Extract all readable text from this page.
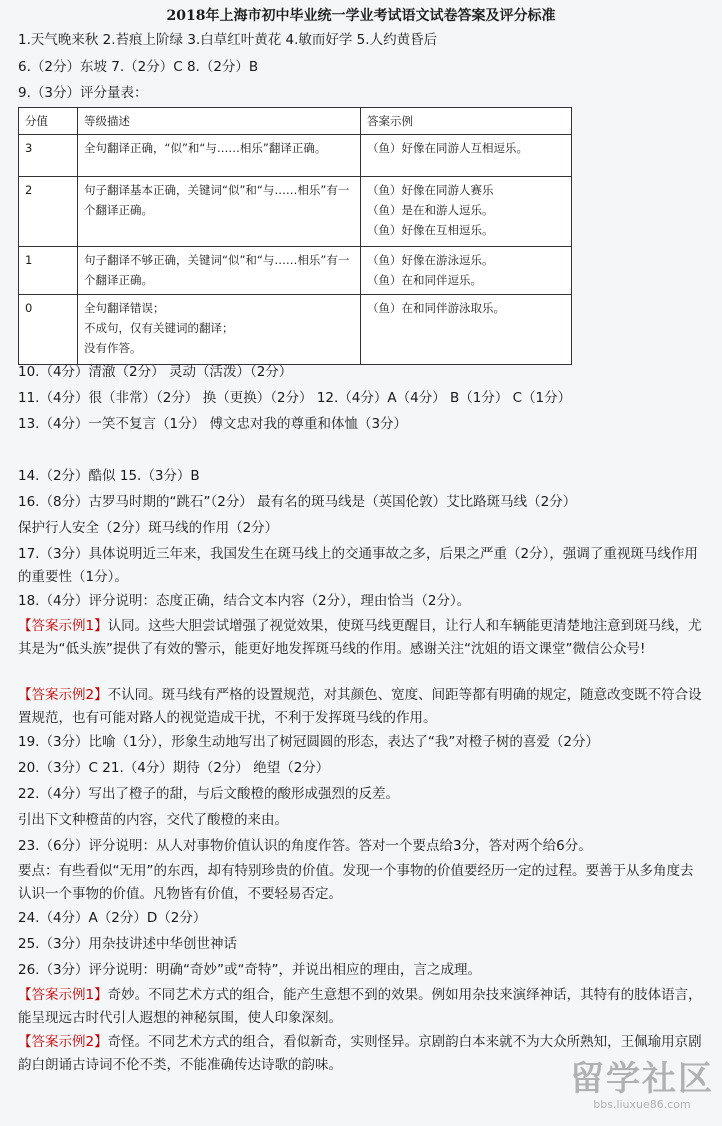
2018年上海市初中毕业统一学业考试语文试卷答案及评分标准
1.天气晚来秋 2.苔痕上阶绿 3.白草红叶黄花 4.敏而好学 5.人约黄昏后
6.（2分）东坡 7.（2分）C 8.（2分）B
9.（3分）评分量表：
分值	等级描述	答案示例
3	全句翻译正确，“似”和“与……相乐”翻译正确。	（鱼）好像在同游人互相逗乐。

2	句子翻译基本正确，关键词“似”和“与……相乐”有一个翻译正确。	（鱼）好像在同游人赛乐
（鱼）是在和游人逗乐。
（鱼）好像在互相逗乐。

1	句子翻译不够正确，关键词“似”和“与……相乐”有一个翻译正确。	（鱼）好像在游泳逗乐。
（鱼）在和同伴逗乐。

0	全句翻译错误；
不成句，仅有关键词的翻译；
没有作答。	（鱼）在和同伴游泳取乐。
10.（4分）清澈（2分） 灵动（活泼）（2分）
11.（4分）很（非常）（2分） 换（更换）（2分） 12.（4分）A（4分） B（1分） C（1分）
13.（4分）一笑不复言（1分） 傅文忠对我的尊重和体恤（3分）
14.（2分）酷似 15.（3分）B
16.（8分）古罗马时期的“跳石”（2分） 最有名的斑马线是（英国伦敦）艾比路斑马线（2分）
保护行人安全（2分）斑马线的作用（2分）
17.（3分）具体说明近三年来，我国发生在斑马线上的交通事故之多，后果之严重（2分），强调了重视斑马线作用的重要性（1分）。
18.（4分）评分说明：态度正确，结合文本内容（2分），理由恰当（2分）。
【答案示例1】认同。这些大胆尝试增强了视觉效果，使斑马线更醒目，让行人和车辆能更清楚地注意到斑马线，尤其是为“低头族”提供了有效的警示，能更好地发挥斑马线的作用。感谢关注“沈姐的语文课堂”微信公众号!
【答案示例2】不认同。斑马线有严格的设置规范，对其颜色、宽度、间距等都有明确的规定，随意改变既不符合设置规范，也有可能对路人的视觉造成干扰，不利于发挥斑马线的作用。
19.（3分）比喻（1分），形象生动地写出了树冠圆圆的形态，表达了“我”对橙子树的喜爱（2分）
20.（3分）C 21.（4分）期待（2分） 绝望（2分）
22.（4分）写出了橙子的甜，与后文酸橙的酸形成强烈的反差。
引出下文种橙苗的内容，交代了酸橙的来由。
23.（6分）评分说明：从人对事物价值认识的角度作答。答对一个要点给3分，答对两个给6分。
要点：有些看似“无用”的东西，却有特别珍贵的价值。发现一个事物的价值要经历一定的过程。要善于从多角度去认识一个事物的价值。凡物皆有价值，不要轻易否定。
24.（4分）A（2分）D（2分）
25.（3分）用杂技讲述中华创世神话
26.（3分）评分说明：明确“奇妙”或“奇特”，并说出相应的理由，言之成理。
【答案示例1】奇妙。不同艺术方式的组合，能产生意想不到的效果。例如用杂技来演绎神话，其特有的肢体语言，能呈现远古时代引人遐想的神秘氛围，使人印象深刻。
【答案示例2】奇怪。不同艺术方式的组合，看似新奇，实则怪异。京剧韵白本来就不为大众所熟知，王佩瑜用京剧韵白朗诵古诗词不伦不类，不能准确传达诗歌的韵味。	留学社区
bbs.liuxue86.com
